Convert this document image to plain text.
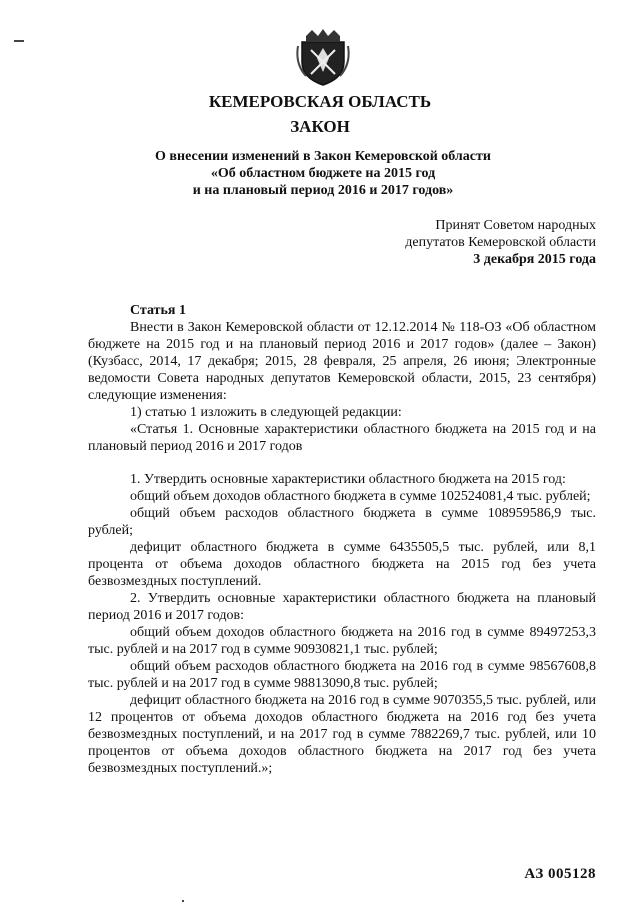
КЕМЕРОВСКАЯ ОБЛАСТЬ
ЗАКОН
О внесении изменений в Закон Кемеровской области
«Об областном бюджете на 2015 год
и на плановый период 2016 и 2017 годов»
Принят Советом народных
депутатов Кемеровской области
3 декабря 2015 года

Статья 1

Внести в Закон Кемеровской области от 12.12.2014 № 118-ОЗ «Об областном бюджете на 2015 год и на плановый период 2016 и 2017 годов» (далее – Закон) (Кузбасс, 2014, 17 декабря; 2015, 28 февраля, 25 апреля, 26 июня; Электронные ведомости Совета народных депутатов Кемеровской области, 2015, 23 сентября) следующие изменения:

1) статью 1 изложить в следующей редакции:

«Статья 1. Основные характеристики областного бюджета на 2015 год и на плановый период 2016 и 2017 годов

1. Утвердить основные характеристики областного бюджета на 2015 год:

общий объем доходов областного бюджета в сумме 102524081,4 тыс. рублей;

общий объем расходов областного бюджета в сумме 108959586,9 тыс. рублей;

дефицит областного бюджета в сумме 6435505,5 тыс. рублей, или 8,1 процента от объема доходов областного бюджета на 2015 год без учета безвозмездных поступлений.

2. Утвердить основные характеристики областного бюджета на плановый период 2016 и 2017 годов:

общий объем доходов областного бюджета на 2016 год в сумме 89497253,3 тыс. рублей и на 2017 год в сумме 90930821,1 тыс. рублей;

общий объем расходов областного бюджета на 2016 год в сумме 98567608,8 тыс. рублей и на 2017 год в сумме 98813090,8 тыс. рублей;

дефицит областного бюджета на 2016 год в сумме 9070355,5 тыс. рублей, или 12 процентов от объема доходов областного бюджета на 2016 год без учета безвозмездных поступлений, и на 2017 год в сумме 7882269,7 тыс. рублей, или 10 процентов от объема доходов областного бюджета на 2017 год без учета безвозмездных поступлений.»;

АЗ 005128
